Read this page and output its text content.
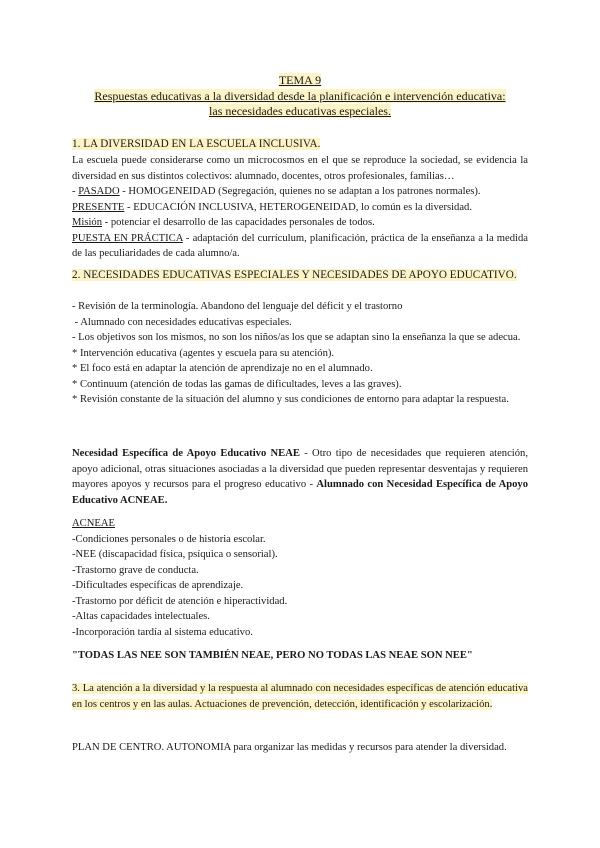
TEMA 9

Respuestas educativas a la diversidad desde la planificación e intervención educativa:

las necesidades educativas especiales.

1. LA DIVERSIDAD EN LA ESCUELA INCLUSIVA.

La escuela puede considerarse como un microcosmos en el que se reproduce la sociedad, se evidencia la diversidad en sus distintos colectivos: alumnado, docentes, otros profesionales, familias…

- PASADO - HOMOGENEIDAD (Segregación, quienes no se adaptan a los patrones normales).

PRESENTE - EDUCACIÓN INCLUSIVA, HETEROGENEIDAD, lo común es la diversidad.

Misión - potenciar el desarrollo de las capacidades personales de todos.

PUESTA EN PRÁCTICA - adaptación del currículum, planificación, práctica de la enseñanza a la medida de las peculiaridades de cada alumno/a.

2. NECESIDADES EDUCATIVAS ESPECIALES Y NECESIDADES DE APOYO EDUCATIVO.

- Revisión de la terminología. Abandono del lenguaje del déficit y el trastorno

- Alumnado con necesidades educativas especiales.

- Los objetivos son los mismos, no son los niños/as los que se adaptan sino la enseñanza la que se adecua.

* Intervención educativa (agentes y escuela para su atención).

* El foco está en adaptar la atención de aprendizaje no en el alumnado.

* Continuum (atención de todas las gamas de dificultades, leves a las graves).

* Revisión constante de la situación del alumno y sus condiciones de entorno para adaptar la respuesta.

Necesidad Específica de Apoyo Educativo NEAE - Otro tipo de necesidades que requieren atención, apoyo adicional, otras situaciones asociadas a la diversidad que pueden representar desventajas y requieren mayores apoyos y recursos para el progreso educativo - Alumnado con Necesidad Específica de Apoyo Educativo ACNEAE.

ACNEAE

-Condiciones personales o de historia escolar.

-NEE (discapacidad física, psíquica o sensorial).

-Trastorno grave de conducta.

-Dificultades específicas de aprendizaje.

-Trastorno por déficit de atención e hiperactividad.

-Altas capacidades intelectuales.

-Incorporación tardía al sistema educativo.

"TODAS LAS NEE SON TAMBIÉN NEAE, PERO NO TODAS LAS NEAE SON NEE"
3. La atención a la diversidad y la respuesta al alumnado con necesidades específicas de atención educativa en los centros y en las aulas. Actuaciones de prevención, detección, identificación y escolarización.
PLAN DE CENTRO. AUTONOMIA para organizar las medidas y recursos para atender la diversidad.
